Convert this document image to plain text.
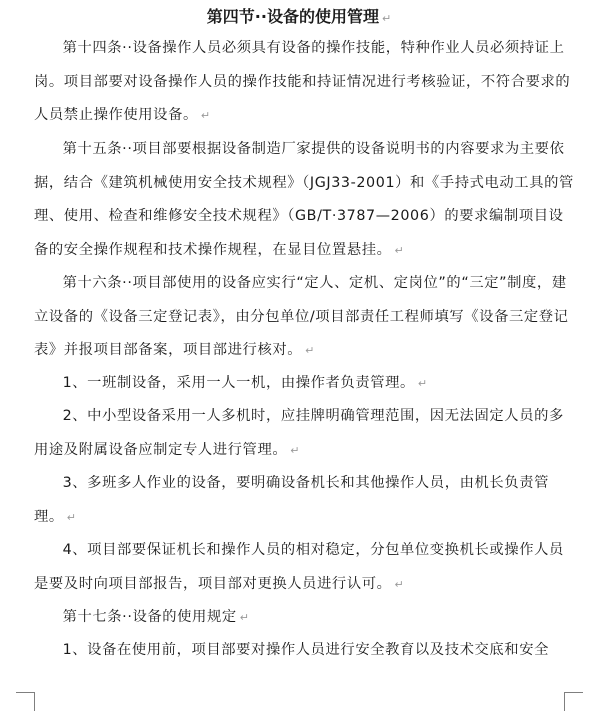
第四节··设备的使用管理 ↵

第十四条··设备操作人员必须具有设备的操作技能，特种作业人员必须持证上岗。项目部要对设备操作人员的操作技能和持证情况进行考核验证，不符合要求的人员禁止操作使用设备。 ↵

第十五条··项目部要根据设备制造厂家提供的设备说明书的内容要求为主要依据，结合《建筑机械使用安全技术规程》（JGJ33-2001）和《手持式电动工具的管理、使用、检查和维修安全技术规程》（GB/T·3787—2006）的要求编制项目设备的安全操作规程和技术操作规程，在显目位置悬挂。 ↵

第十六条··项目部使用的设备应实行“定人、定机、定岗位”的“三定”制度，建立设备的《设备三定登记表》，由分包单位/项目部责任工程师填写《设备三定登记表》并报项目部备案，项目部进行核对。 ↵

1、一班制设备，采用一人一机，由操作者负责管理。 ↵

2、中小型设备采用一人多机时，应挂牌明确管理范围，因无法固定人员的多用途及附属设备应制定专人进行管理。 ↵

3、多班多人作业的设备，要明确设备机长和其他操作人员，由机长负责管理。 ↵

4、项目部要保证机长和操作人员的相对稳定，分包单位变换机长或操作人员是要及时向项目部报告，项目部对更换人员进行认可。 ↵

第十七条··设备的使用规定 ↵

1、设备在使用前，项目部要对操作人员进行安全教育以及技术交底和安全
